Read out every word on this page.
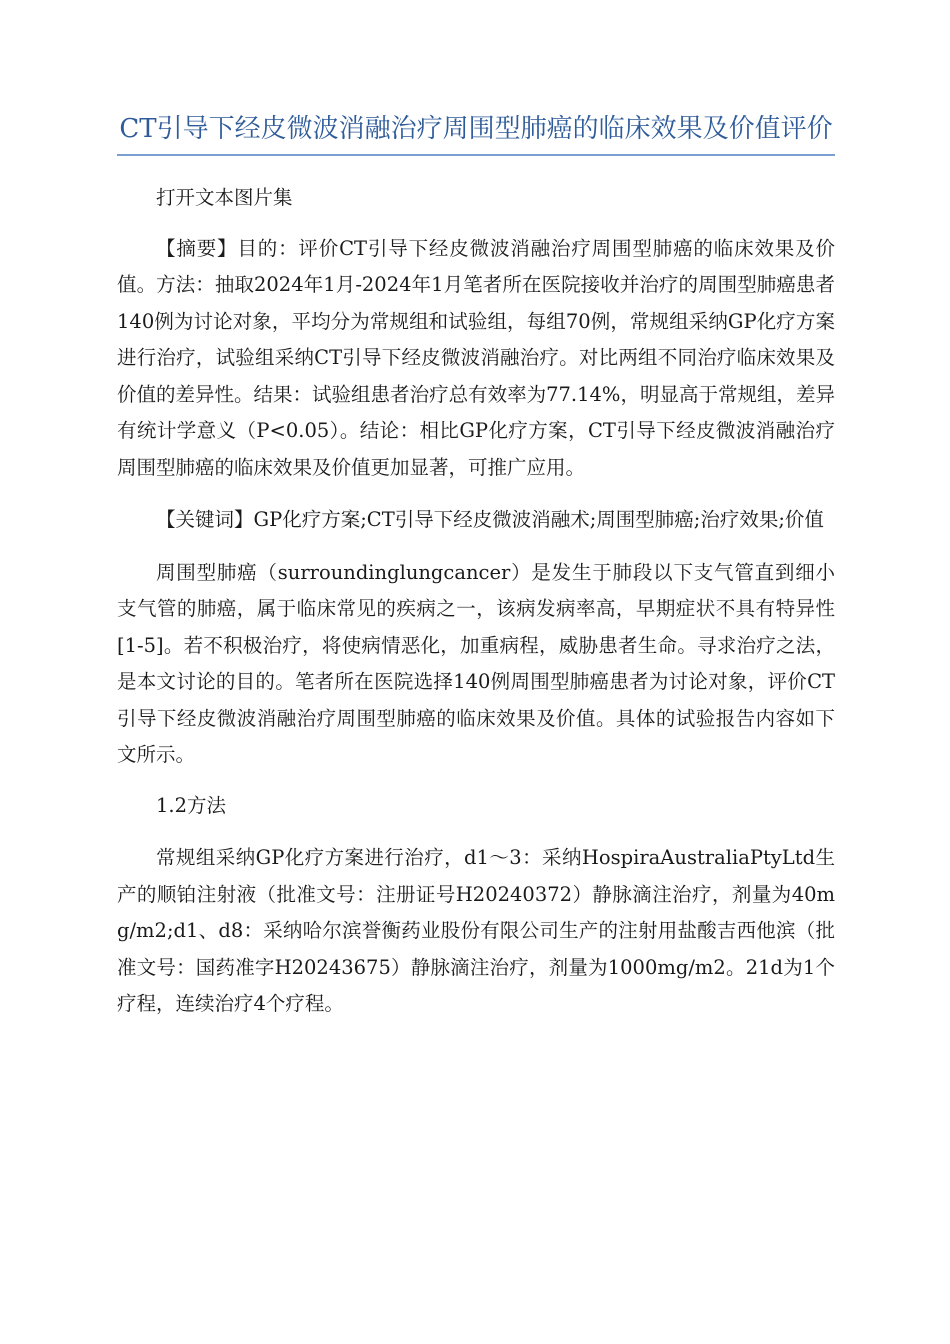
CT引导下经皮微波消融治疗周围型肺癌的临床效果及价值评价

打开文本图片集

【摘要】目的：评价CT引导下经皮微波消融治疗周围型肺癌的临床效果及价值。方法：抽取2024年1月-2024年1月笔者所在医院接收并治疗的周围型肺癌患者140例为讨论对象，平均分为常规组和试验组，每组70例，常规组采纳GP化疗方案进行治疗，试验组采纳CT引导下经皮微波消融治疗。对比两组不同治疗临床效果及价值的差异性。结果：试验组患者治疗总有效率为77.14%，明显高于常规组，差异有统计学意义（P<0.05）。结论：相比GP化疗方案，CT引导下经皮微波消融治疗周围型肺癌的临床效果及价值更加显著，可推广应用。

【关键词】GP化疗方案;CT引导下经皮微波消融术;周围型肺癌;治疗效果;价值

周围型肺癌（surroundinglungcancer）是发生于肺段以下支气管直到细小支气管的肺癌，属于临床常见的疾病之一，该病发病率高，早期症状不具有特异性[1-5]。若不积极治疗，将使病情恶化，加重病程，威胁患者生命。寻求治疗之法，是本文讨论的目的。笔者所在医院选择140例周围型肺癌患者为讨论对象，评价CT引导下经皮微波消融治疗周围型肺癌的临床效果及价值。具体的试验报告内容如下文所示。

1.2方法

常规组采纳GP化疗方案进行治疗，d1～3：采纳HospiraAustraliaPtyLtd生产的顺铂注射液（批准文号：注册证号H20240372）静脉滴注治疗，剂量为40mg/m2;d1、d8：采纳哈尔滨誉衡药业股份有限公司生产的注射用盐酸吉西他滨（批准文号：国药准字H20243675）静脉滴注治疗，剂量为1000mg/m2。21d为1个疗程，连续治疗4个疗程。
